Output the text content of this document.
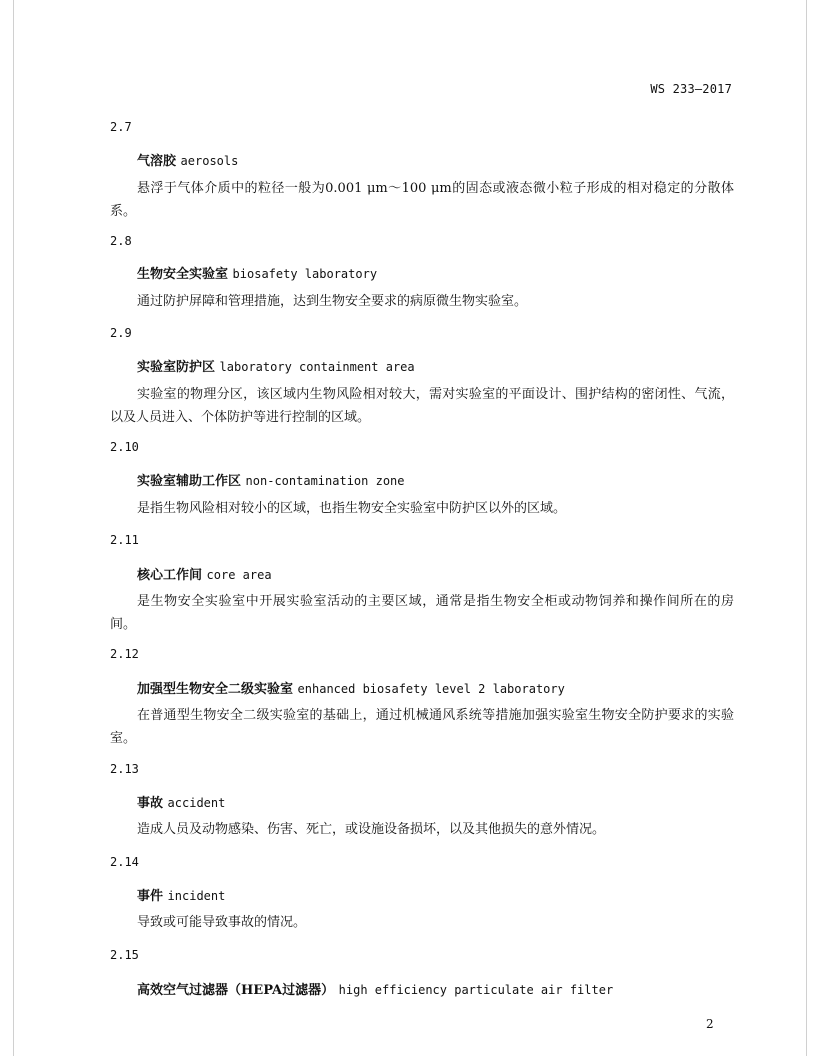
WS 233—2017
2.7
气溶胶 aerosols
悬浮于气体介质中的粒径一般为0.001 μm～100 μm的固态或液态微小粒子形成的相对稳定的分散体系。
2.8
生物安全实验室 biosafety laboratory
通过防护屏障和管理措施，达到生物安全要求的病原微生物实验室。
2.9
实验室防护区 laboratory containment area
实验室的物理分区，该区域内生物风险相对较大，需对实验室的平面设计、围护结构的密闭性、气流，以及人员进入、个体防护等进行控制的区域。
2.10
实验室辅助工作区 non-contamination zone
是指生物风险相对较小的区域，也指生物安全实验室中防护区以外的区域。
2.11
核心工作间 core area
是生物安全实验室中开展实验室活动的主要区域，通常是指生物安全柜或动物饲养和操作间所在的房间。
2.12
加强型生物安全二级实验室 enhanced biosafety level 2 laboratory
在普通型生物安全二级实验室的基础上，通过机械通风系统等措施加强实验室生物安全防护要求的实验室。
2.13
事故 accident
造成人员及动物感染、伤害、死亡，或设施设备损坏，以及其他损失的意外情况。
2.14
事件 incident
导致或可能导致事故的情况。
2.15
高效空气过滤器（HEPA过滤器） high efficiency particulate air filter
2
